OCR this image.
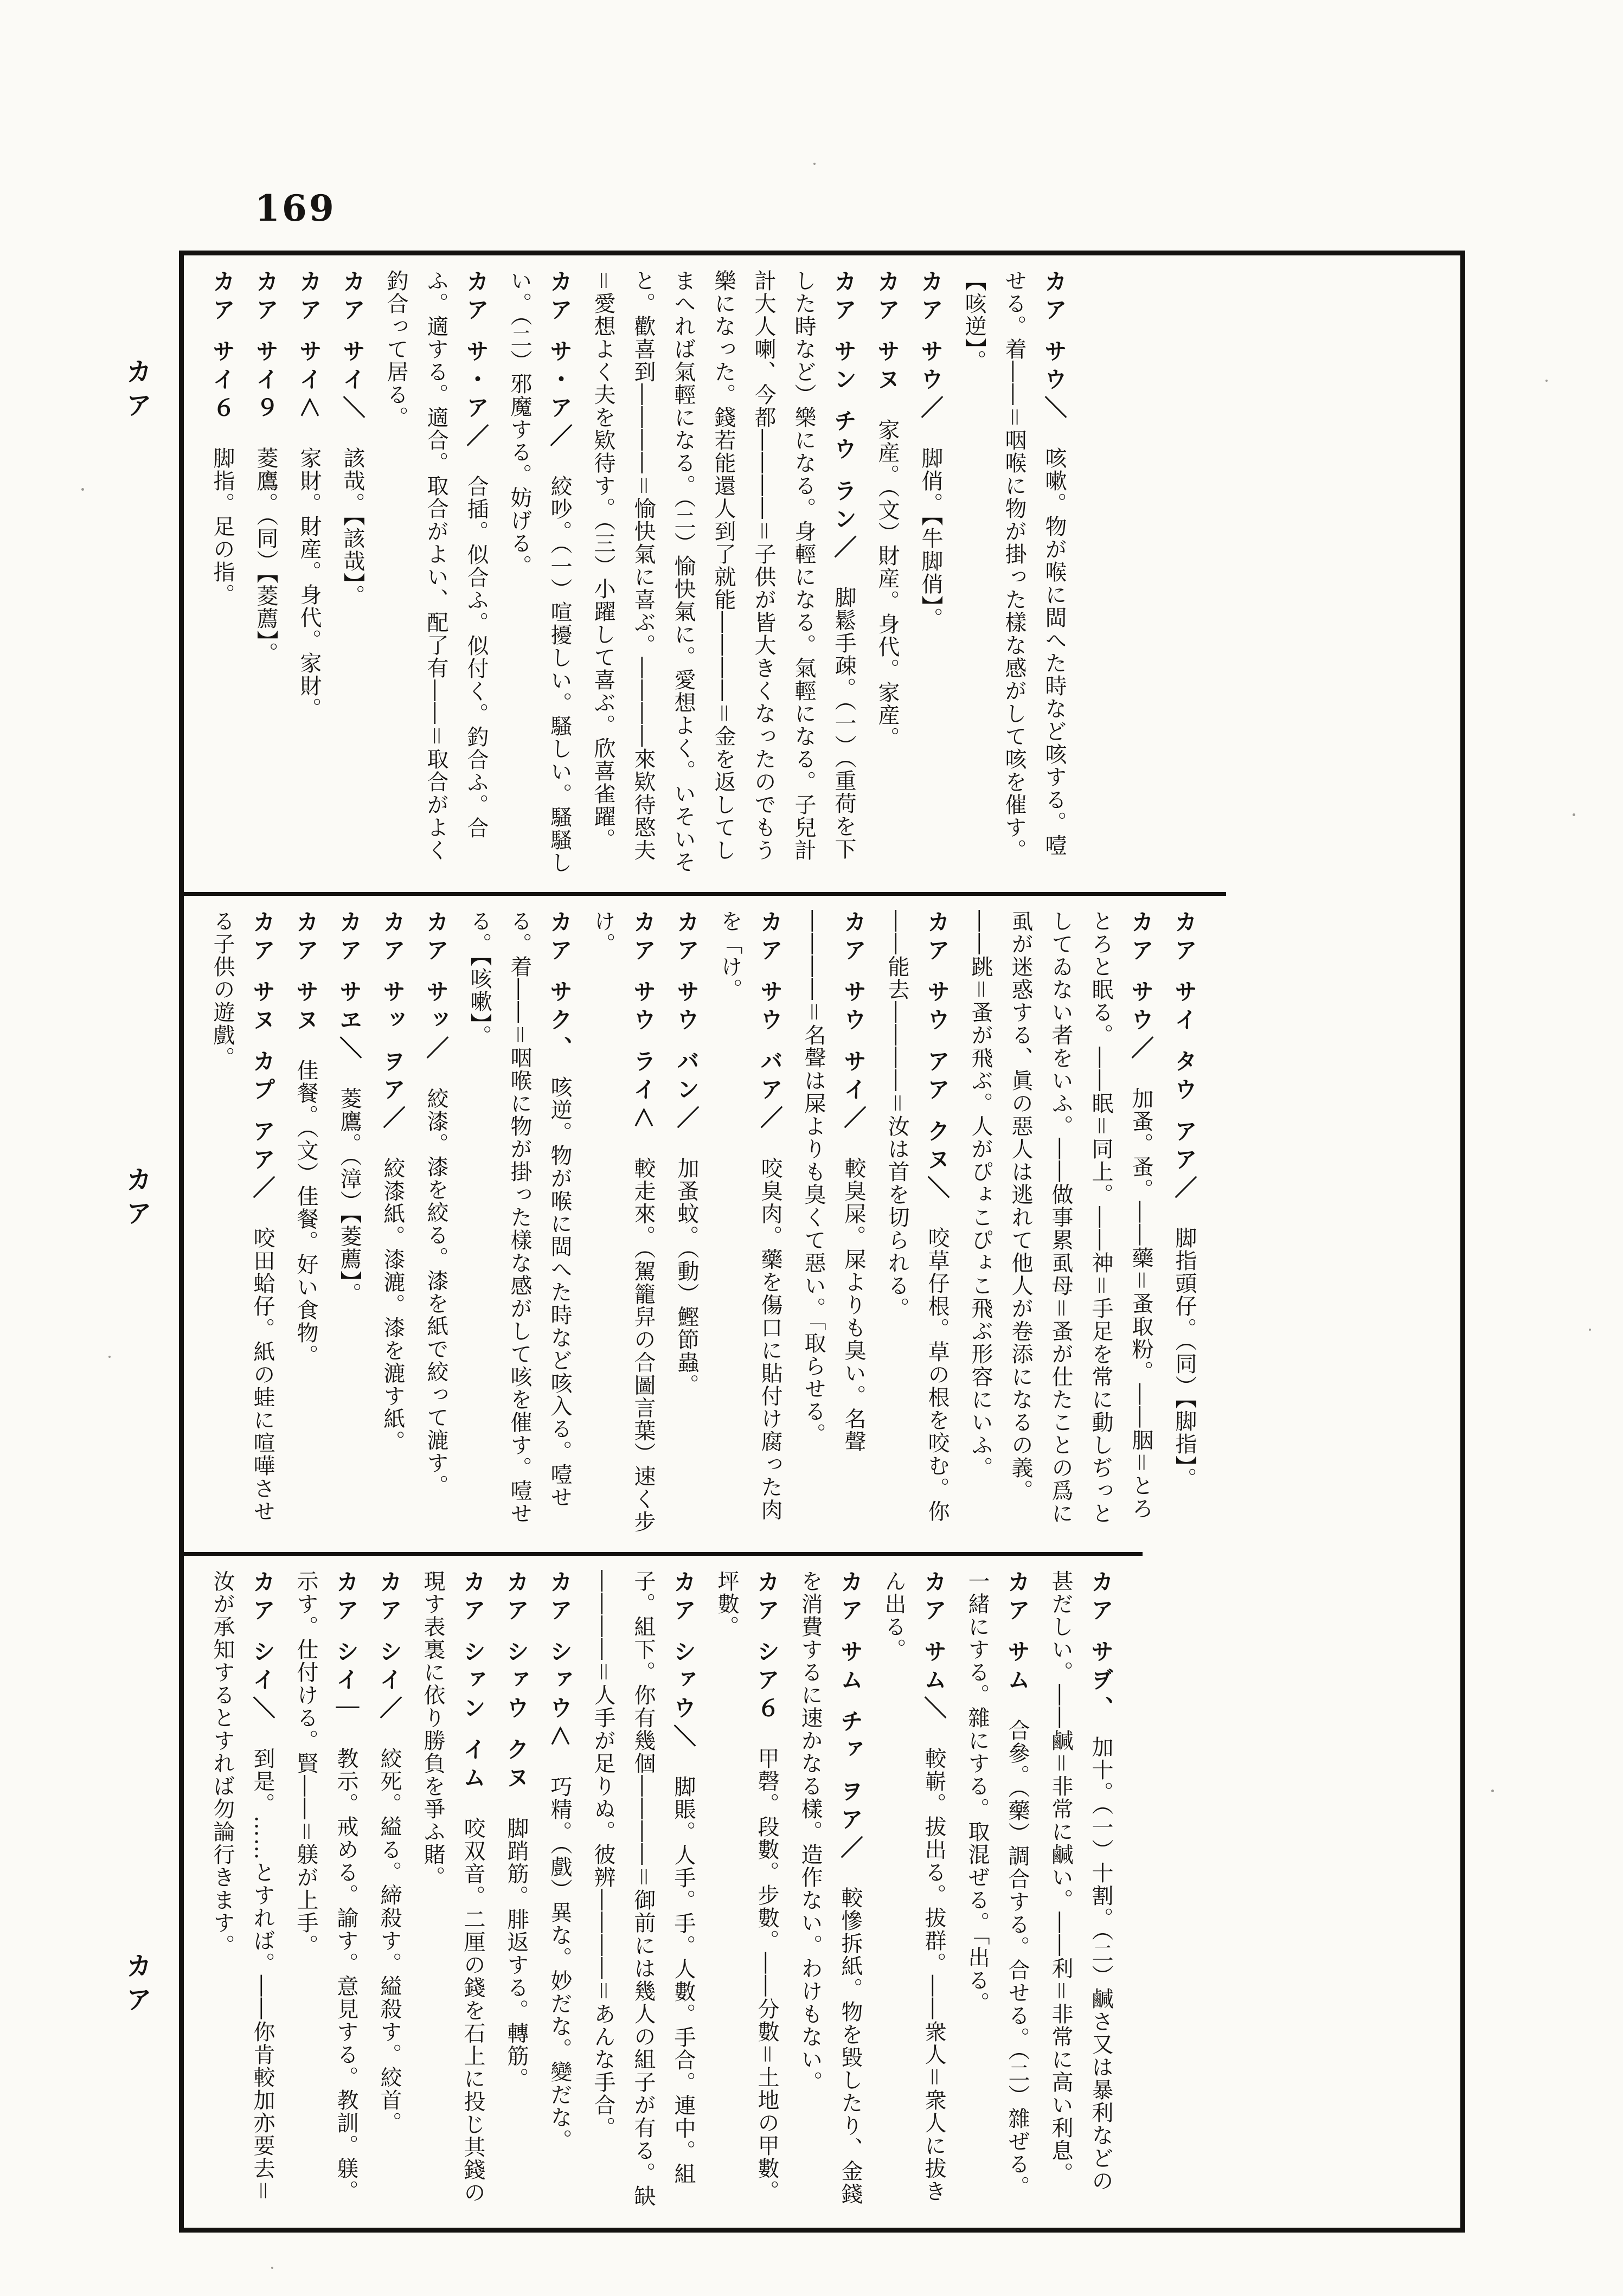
169
カア
カア
カア
カア サウ＼咳嗽。物が喉に閊へた時など咳する。噎せる。着――＝咽喉に物が掛った樣な感がして咳を催す。【咳逆】。
カア サウ／脚俏。【牛脚俏】。
カア サヌ家産。（文）財産。身代。家産。
カア サン チウ ラン／脚鬆手疎。（一）（重荷を下した時など）樂になる。身輕になる。氣輕になる。子兒計計大人喇、今都――――＝子供が皆大きくなったのでもう樂になった。錢若能還人到了就能――――＝金を返してしまへれば氣輕になる。（二）愉快氣に。愛想よく。いそいそと。歡喜到――――＝愉快氣に喜ぶ。――――來欵待愍夫＝愛想よく夫を欵待す。（三）小躍して喜ぶ。欣喜雀躍。
カア サ・ア／絞吵。（一）喧擾しい。騷しい。騷騷しい。（二）邪魔する。妨げる。
カア サ・ア／合插。似合ふ。似付く。釣合ふ。合ふ。適する。適合。取合がよい、配了有――＝取合がよく釣合って居る。
カア サイ＼該哉。【該哉】。
カア サイ＜家財。財産。身代。家財。
カア サイ９菱鷹。（同）【菱薦】。
カア サイ６脚指。足の指。
カア サイ タウ アア／脚指頭仔。（同）【脚指】。
カア サウ／加蚤。蚤。――藥＝蚤取粉。――胭＝とろとろと眠る。――眠＝同上。――神＝手足を常に動しぢっとしてゐない者をいふ。――做事累虱母＝蚤が仕たことの爲に虱が迷惑する、眞の惡人は逃れて他人が卷添になるの義。――跳＝蚤が飛ぶ。人がぴょこぴょこ飛ぶ形容にいふ。
カア サウ アア クヌ＼咬草仔根。草の根を咬む。你――能去――――＝汝は首を切られる。
カア サウ サイ／較臭屎。屎よりも臭い。名聲――――＝名聲は屎よりも臭くて惡い。「取らせる。
カア サウ バア／咬臭肉。藥を傷口に貼付け腐った肉を「け。
カア サウ バン／加蚤蚊。（動）鰹節蟲。
カア サウ ライ＜較走來。（駕籠舁の合圖言葉）速く步け。
カア サク、咳逆。物が喉に閊へた時など咳入る。噎せる。着――＝咽喉に物が掛った樣な感がして咳を催す。噎せる。【咳嗽】。
カア サッ／絞漆。漆を絞る。漆を紙で絞って漉す。
カア サッ ヲア／絞漆紙。漆漉。漆を漉す紙。
カア サヱ＼菱鷹。（漳）【菱薦】。
カア サヌ佳餐。（文）佳餐。好い食物。
カア サヌ カプ アア／咬田蛤仔。紙の蛙に喧嘩させる子供の遊戲。
カア サヺ、加十。（一）十割。（二）鹹さ又は暴利などの甚だしい。――鹹＝非常に鹹い。――利＝非常に高い利息。
カア サム合參。（藥）調合する。合せる。（二）雜ぜる。一緒にする。雜にする。取混ぜる。「出る。
カア サム＼較嶄。拔出る。拔群。――衆人＝衆人に拔きん出る。
カア サム チァ ヲア／較慘拆紙。物を毀したり、金錢を消費するに速かなる樣。造作ない。わけもない。
カア シア６甲磬。段數。步數。――分數＝土地の甲數。坪數。
カア シァウ＼脚賬。人手。手。人數。手合。連中。組子。組下。你有幾個――――＝御前には幾人の組子が有る。缺――――＝人手が足りぬ。彼辨――――＝あんな手合。
カア シァウ＜巧精。（戲）異な。妙だな。變だな。
カア シァウ クヌ脚踃筋。腓返する。轉筋。
カア シァン イム咬双音。二厘の錢を石上に投じ其錢の現す表裏に依り勝負を爭ふ賭。
カア シイ／絞死。縊る。締殺す。縊殺す。絞首。
カア シイ｜教示。戒める。諭す。意見する。教訓。躾。示す。仕付ける。賢――＝躾が上手。
カア シイ＼到是。……とすれば。――你肯較加亦要去＝汝が承知するとすれば勿論行きます。
